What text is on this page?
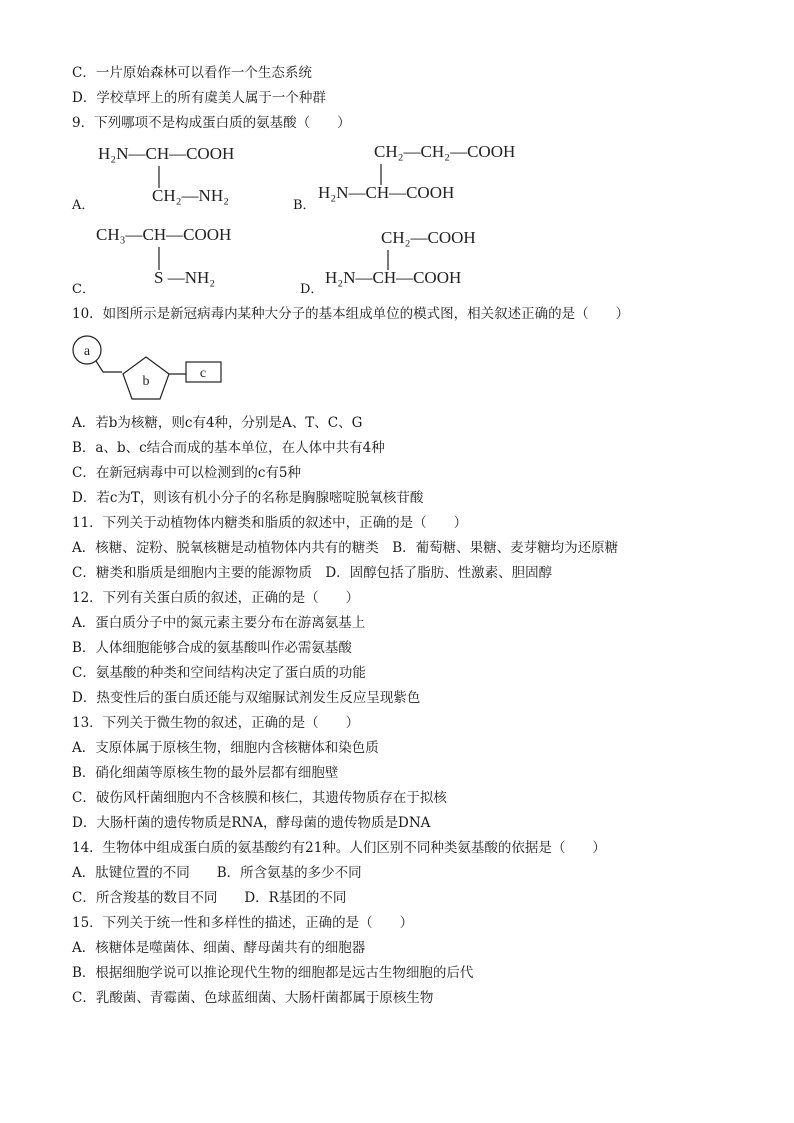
C．一片原始森林可以看作一个生态系统
D．学校草坪上的所有虞美人属于一个种群
9．下列哪项不是构成蛋白质的氨基酸（　　）
H₂N—CH—COOH
CH₂—NH₂
CH₂—CH₂—COOH
H₂N—CH—COOH
CH₃—CH—COOH
S —NH₂
CH₂—COOH
H₂N—CH—COOH
A．	B．
C．	D．
10．如图所示是新冠病毒内某种大分子的基本组成单位的模式图，相关叙述正确的是（　　）
a
b
c
A．若b为核糖，则c有4种，分别是A、T、C、G
B．a、b、c结合而成的基本单位，在人体中共有4种
C．在新冠病毒中可以检测到的c有5种
D．若c为T，则该有机小分子的名称是胸腺嘧啶脱氧核苷酸
11．下列关于动植物体内糖类和脂质的叙述中，正确的是（　　）
A．核糖、淀粉、脱氧核糖是动植物体内共有的糖类　B．葡萄糖、果糖、麦芽糖均为还原糖
C．糖类和脂质是细胞内主要的能源物质　D．固醇包括了脂肪、性激素、胆固醇
12．下列有关蛋白质的叙述，正确的是（　　）
A．蛋白质分子中的氮元素主要分布在游离氨基上
B．人体细胞能够合成的氨基酸叫作必需氨基酸
C．氨基酸的种类和空间结构决定了蛋白质的功能
D．热变性后的蛋白质还能与双缩脲试剂发生反应呈现紫色
13．下列关于微生物的叙述，正确的是（　　）
A．支原体属于原核生物，细胞内含核糖体和染色质
B．硝化细菌等原核生物的最外层都有细胞壁
C．破伤风杆菌细胞内不含核膜和核仁，其遗传物质存在于拟核
D．大肠杆菌的遗传物质是RNA，酵母菌的遗传物质是DNA
14．生物体中组成蛋白质的氨基酸约有21种。人们区别不同种类氨基酸的依据是（　　）
A．肽键位置的不同　　B．所含氨基的多少不同
C．所含羧基的数目不同　　D．R基团的不同
15．下列关于统一性和多样性的描述，正确的是（　　）
A．核糖体是噬菌体、细菌、酵母菌共有的细胞器
B．根据细胞学说可以推论现代生物的细胞都是远古生物细胞的后代
C．乳酸菌、青霉菌、色球蓝细菌、大肠杆菌都属于原核生物
